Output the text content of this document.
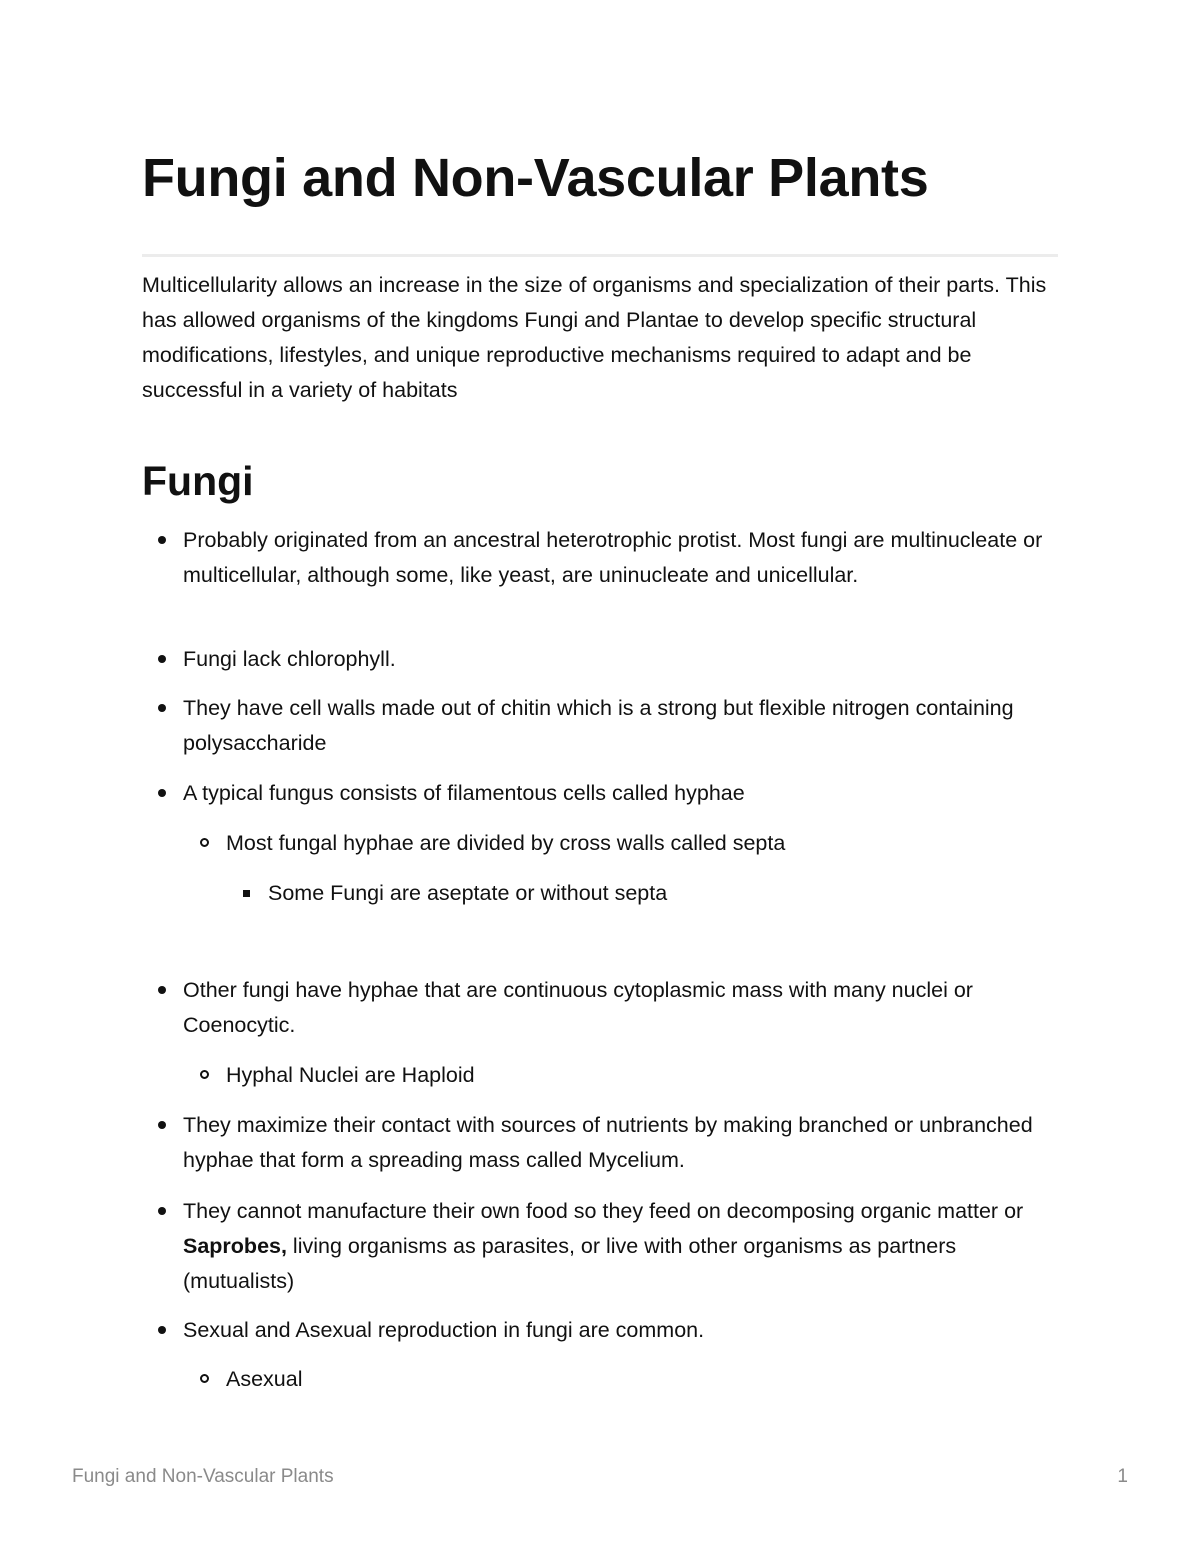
Fungi and Non-Vascular Plants

Multicellularity allows an increase in the size of organisms and specialization of their parts. This has allowed organisms of the kingdoms Fungi and Plantae to develop specific structural modifications, lifestyles, and unique reproductive mechanisms required to adapt and be successful in a variety of habitats

Fungi
Probably originated from an ancestral heterotrophic protist. Most fungi are multinucleate or multicellular, although some, like yeast, are uninucleate and unicellular.
Fungi lack chlorophyll.
They have cell walls made out of chitin which is a strong but flexible nitrogen containing polysaccharide
A typical fungus consists of filamentous cells called hyphae
Most fungal hyphae are divided by cross walls called septa
Some Fungi are aseptate or without septa
Other fungi have hyphae that are continuous cytoplasmic mass with many nuclei or Coenocytic.
Hyphal Nuclei are Haploid
They maximize their contact with sources of nutrients by making branched or unbranched hyphae that form a spreading mass called Mycelium.
They cannot manufacture their own food so they feed on decomposing organic matter or Saprobes, living organisms as parasites, or live with other organisms as partners (mutualists)
Sexual and Asexual reproduction in fungi are common.
Asexual
Fungi and Non-Vascular Plants	1
